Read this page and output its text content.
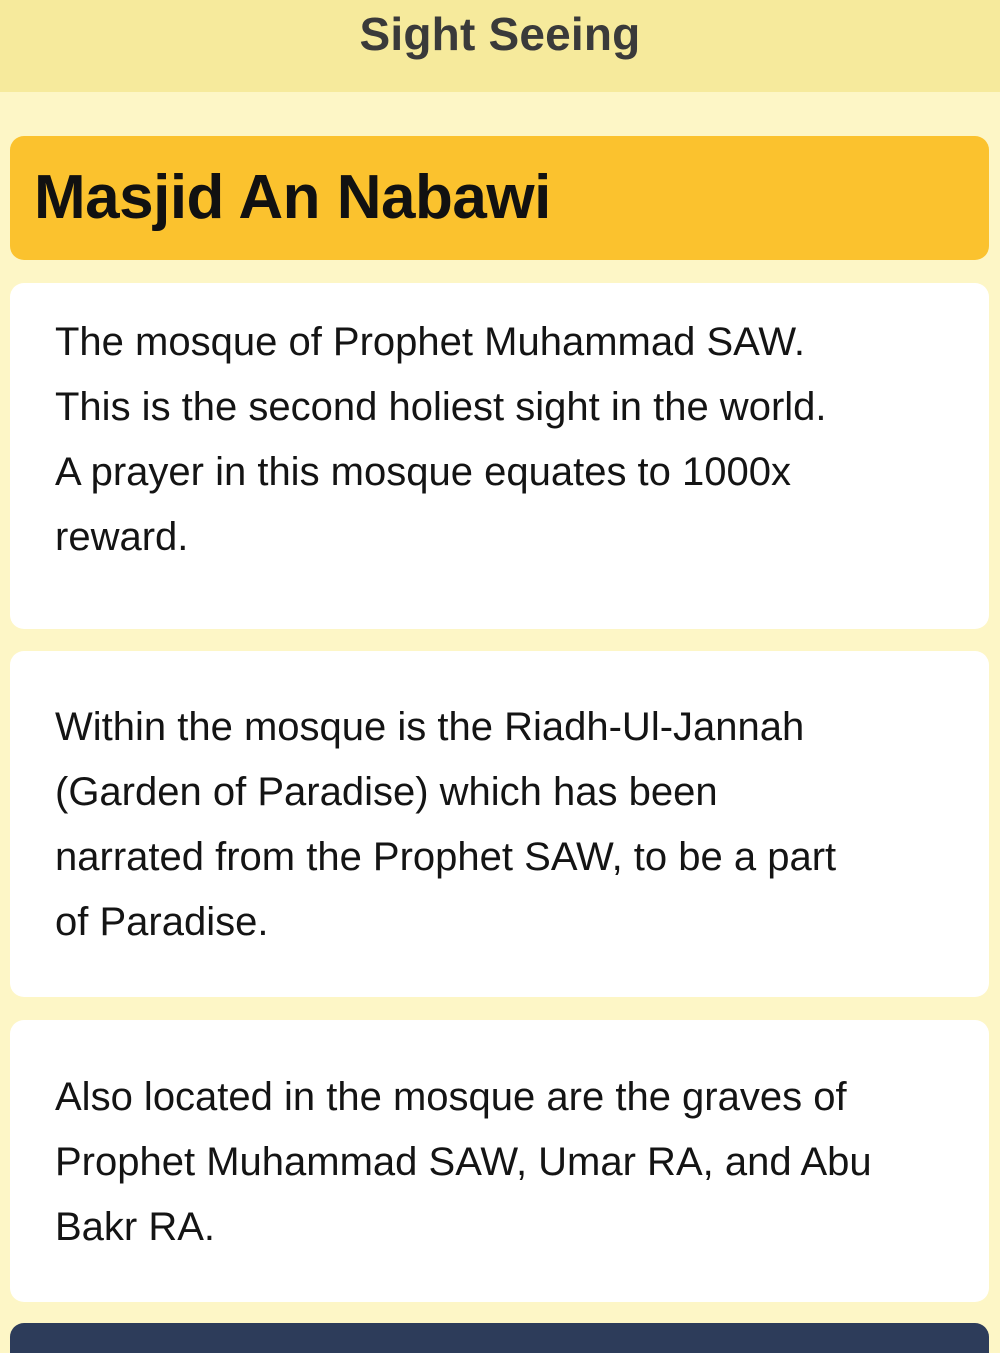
Sight Seeing
Masjid An Nabawi
The mosque of Prophet Muhammad SAW.
This is the second holiest sight in the world.
A prayer in this mosque equates to 1000x
reward.
Within the mosque is the Riadh-Ul-Jannah
(Garden of Paradise) which has been
narrated from the Prophet SAW, to be a part
of Paradise.
Also located in the mosque are the graves of
Prophet Muhammad SAW, Umar RA, and Abu
Bakr RA.
